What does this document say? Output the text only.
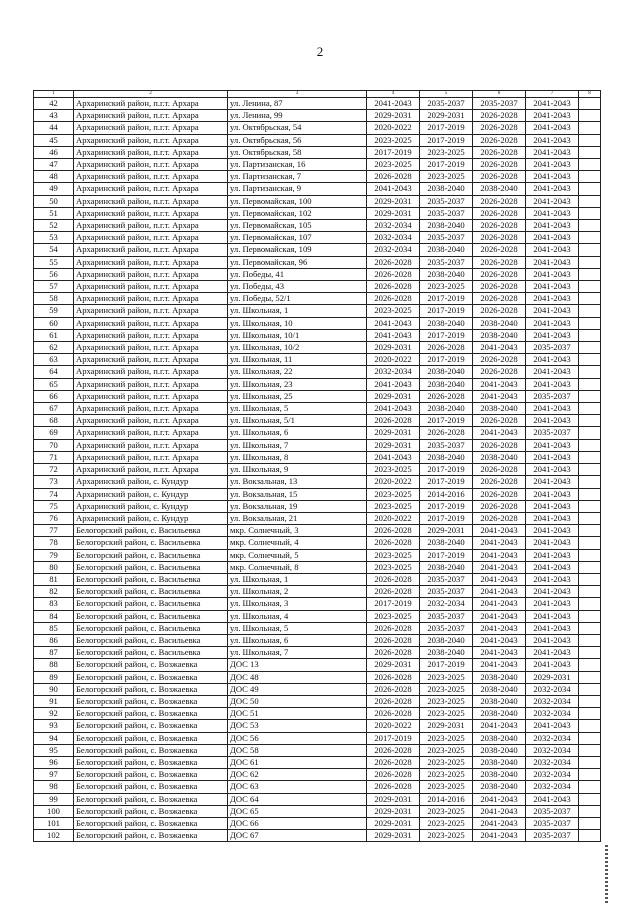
2
1	2	3	4	5	6	7	8
42	Архаринский район, п.г.т. Архара	ул. Ленина, 87	2041-2043	2035-2037	2035-2037	2041-2043	
43	Архаринский район, п.г.т. Архара	ул. Ленина, 99	2029-2031	2029-2031	2026-2028	2041-2043	
44	Архаринский район, п.г.т. Архара	ул. Октябрьская, 54	2020-2022	2017-2019	2026-2028	2041-2043	
45	Архаринский район, п.г.т. Архара	ул. Октябрьская, 56	2023-2025	2017-2019	2026-2028	2041-2043	
46	Архаринский район, п.г.т. Архара	ул. Октябрьская, 58	2017-2019	2023-2025	2026-2028	2041-2043	
47	Архаринский район, п.г.т. Архара	ул. Партизанская, 16	2023-2025	2017-2019	2026-2028	2041-2043	
48	Архаринский район, п.г.т. Архара	ул. Партизанская, 7	2026-2028	2023-2025	2026-2028	2041-2043	
49	Архаринский район, п.г.т. Архара	ул. Партизанская, 9	2041-2043	2038-2040	2038-2040	2041-2043	
50	Архаринский район, п.г.т. Архара	ул. Первомайская, 100	2029-2031	2035-2037	2026-2028	2041-2043	
51	Архаринский район, п.г.т. Архара	ул. Первомайская, 102	2029-2031	2035-2037	2026-2028	2041-2043	
52	Архаринский район, п.г.т. Архара	ул. Первомайская, 105	2032-2034	2038-2040	2026-2028	2041-2043	
53	Архаринский район, п.г.т. Архара	ул. Первомайская, 107	2032-2034	2035-2037	2026-2028	2041-2043	
54	Архаринский район, п.г.т. Архара	ул. Первомайская, 109	2032-2034	2038-2040	2026-2028	2041-2043	
55	Архаринский район, п.г.т. Архара	ул. Первомайская, 96	2026-2028	2035-2037	2026-2028	2041-2043	
56	Архаринский район, п.г.т. Архара	ул. Победы, 41	2026-2028	2038-2040	2026-2028	2041-2043	
57	Архаринский район, п.г.т. Архара	ул. Победы, 43	2026-2028	2023-2025	2026-2028	2041-2043	
58	Архаринский район, п.г.т. Архара	ул. Победы, 52/1	2026-2028	2017-2019	2026-2028	2041-2043	
59	Архаринский район, п.г.т. Архара	ул. Школьная, 1	2023-2025	2017-2019	2026-2028	2041-2043	
60	Архаринский район, п.г.т. Архара	ул. Школьная, 10	2041-2043	2038-2040	2038-2040	2041-2043	
61	Архаринский район, п.г.т. Архара	ул. Школьная, 10/1	2041-2043	2017-2019	2038-2040	2041-2043	
62	Архаринский район, п.г.т. Архара	ул. Школьная, 10/2	2029-2031	2026-2028	2041-2043	2035-2037	
63	Архаринский район, п.г.т. Архара	ул. Школьная, 11	2020-2022	2017-2019	2026-2028	2041-2043	
64	Архаринский район, п.г.т. Архара	ул. Школьная, 22	2032-2034	2038-2040	2026-2028	2041-2043	
65	Архаринский район, п.г.т. Архара	ул. Школьная, 23	2041-2043	2038-2040	2041-2043	2041-2043	
66	Архаринский район, п.г.т. Архара	ул. Школьная, 25	2029-2031	2026-2028	2041-2043	2035-2037	
67	Архаринский район, п.г.т. Архара	ул. Школьная, 5	2041-2043	2038-2040	2038-2040	2041-2043	
68	Архаринский район, п.г.т. Архара	ул. Школьная, 5/1	2026-2028	2017-2019	2026-2028	2041-2043	
69	Архаринский район, п.г.т. Архара	ул. Школьная, 6	2029-2031	2026-2028	2041-2043	2035-2037	
70	Архаринский район, п.г.т. Архара	ул. Школьная, 7	2029-2031	2035-2037	2026-2028	2041-2043	
71	Архаринский район, п.г.т. Архара	ул. Школьная, 8	2041-2043	2038-2040	2038-2040	2041-2043	
72	Архаринский район, п.г.т. Архара	ул. Школьная, 9	2023-2025	2017-2019	2026-2028	2041-2043	
73	Архаринский район, с. Кундур	ул. Вокзальная, 13	2020-2022	2017-2019	2026-2028	2041-2043	
74	Архаринский район, с. Кундур	ул. Вокзальная, 15	2023-2025	2014-2016	2026-2028	2041-2043	
75	Архаринский район, с. Кундур	ул. Вокзальная, 19	2023-2025	2017-2019	2026-2028	2041-2043	
76	Архаринский район, с. Кундур	ул. Вокзальная, 21	2020-2022	2017-2019	2026-2028	2041-2043	
77	Белогорский район, с. Васильевка	мкр. Солнечный, 3	2026-2028	2029-2031	2041-2043	2041-2043	
78	Белогорский район, с. Васильевка	мкр. Солнечный, 4	2026-2028	2038-2040	2041-2043	2041-2043	
79	Белогорский район, с. Васильевка	мкр. Солнечный, 5	2023-2025	2017-2019	2041-2043	2041-2043	
80	Белогорский район, с. Васильевка	мкр. Солнечный, 8	2023-2025	2038-2040	2041-2043	2041-2043	
81	Белогорский район, с. Васильевка	ул. Школьная, 1	2026-2028	2035-2037	2041-2043	2041-2043	
82	Белогорский район, с. Васильевка	ул. Школьная, 2	2026-2028	2035-2037	2041-2043	2041-2043	
83	Белогорский район, с. Васильевка	ул. Школьная, 3	2017-2019	2032-2034	2041-2043	2041-2043	
84	Белогорский район, с. Васильевка	ул. Школьная, 4	2023-2025	2035-2037	2041-2043	2041-2043	
85	Белогорский район, с. Васильевка	ул. Школьная, 5	2026-2028	2035-2037	2041-2043	2041-2043	
86	Белогорский район, с. Васильевка	ул. Школьная, 6	2026-2028	2038-2040	2041-2043	2041-2043	
87	Белогорский район, с. Васильевка	ул. Школьная, 7	2026-2028	2038-2040	2041-2043	2041-2043	
88	Белогорский район, с. Возжаевка	ДОС 13	2029-2031	2017-2019	2041-2043	2041-2043	
89	Белогорский район, с. Возжаевка	ДОС 48	2026-2028	2023-2025	2038-2040	2029-2031	
90	Белогорский район, с. Возжаевка	ДОС 49	2026-2028	2023-2025	2038-2040	2032-2034	
91	Белогорский район, с. Возжаевка	ДОС 50	2026-2028	2023-2025	2038-2040	2032-2034	
92	Белогорский район, с. Возжаевка	ДОС 51	2026-2028	2023-2025	2038-2040	2032-2034	
93	Белогорский район, с. Возжаевка	ДОС 53	2020-2022	2029-2031	2041-2043	2041-2043	
94	Белогорский район, с. Возжаевка	ДОС 56	2017-2019	2023-2025	2038-2040	2032-2034	
95	Белогорский район, с. Возжаевка	ДОС 58	2026-2028	2023-2025	2038-2040	2032-2034	
96	Белогорский район, с. Возжаевка	ДОС 61	2026-2028	2023-2025	2038-2040	2032-2034	
97	Белогорский район, с. Возжаевка	ДОС 62	2026-2028	2023-2025	2038-2040	2032-2034	
98	Белогорский район, с. Возжаевка	ДОС 63	2026-2028	2023-2025	2038-2040	2032-2034	
99	Белогорский район, с. Возжаевка	ДОС 64	2029-2031	2014-2016	2041-2043	2041-2043	
100	Белогорский район, с. Возжаевка	ДОС 65	2029-2031	2023-2025	2041-2043	2035-2037	
101	Белогорский район, с. Возжаевка	ДОС 66	2029-2031	2023-2025	2041-2043	2035-2037	
102	Белогорский район, с. Возжаевка	ДОС 67	2029-2031	2023-2025	2041-2043	2035-2037	
